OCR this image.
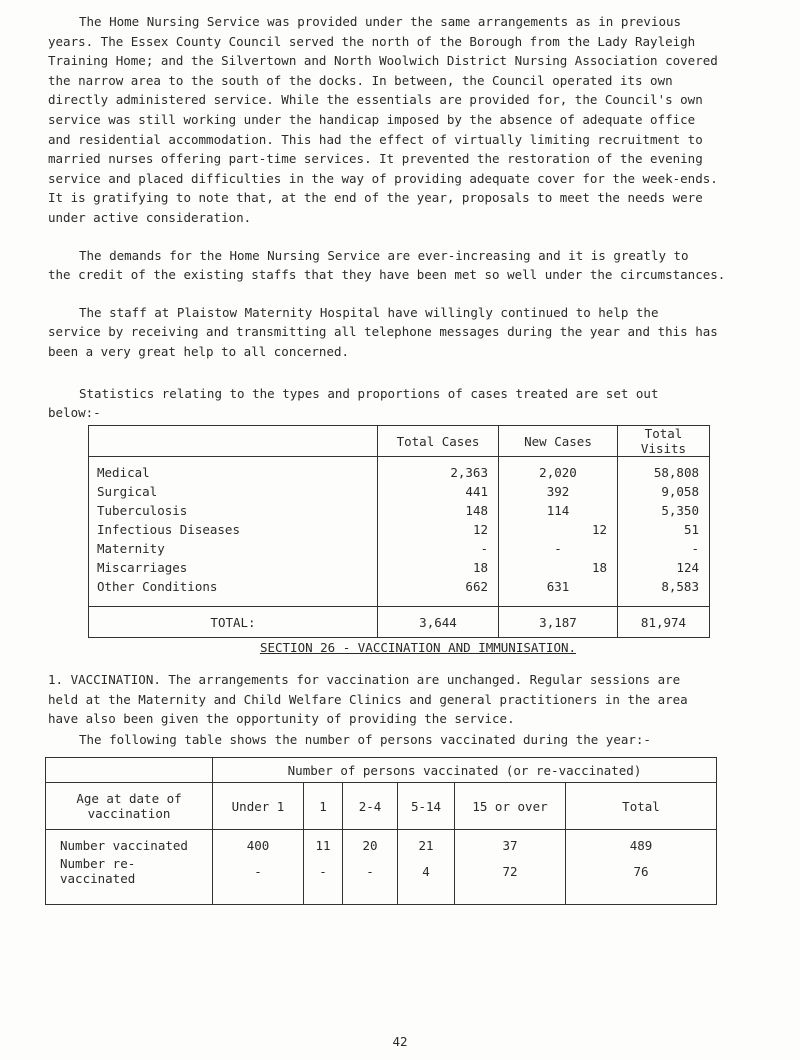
The Home Nursing Service was provided under the same arrangements as in previous
years. The Essex County Council served the north of the Borough from the Lady Rayleigh
Training Home; and the Silvertown and North Woolwich District Nursing Association covered
the narrow area to the south of the docks. In between, the Council operated its own
directly administered service. While the essentials are provided for, the Council's own
service was still working under the handicap imposed by the absence of adequate office
and residential accommodation. This had the effect of virtually limiting recruitment to
married nurses offering part-time services. It prevented the restoration of the evening
service and placed difficulties in the way of providing adequate cover for the week-ends.
It is gratifying to note that, at the end of the year, proposals to meet the needs were
under active consideration.

The demands for the Home Nursing Service are ever-increasing and it is greatly to
the credit of the existing staffs that they have been met so well under the circumstances.

The staff at Plaistow Maternity Hospital have willingly continued to help the
service by receiving and transmitting all telephone messages during the year and this has
been a very great help to all concerned.

Statistics relating to the types and proportions of cases treated are set out
below:-

	Total Cases	New Cases	Total Visits
Medical	2,363	2,020	58,808
Surgical	441	392	9,058
Tuberculosis	148	114	5,350
Infectious Diseases	12	12	51
Maternity	-	-	-
Miscarriages	18	18	124
Other Conditions	662	631	8,583
TOTAL:	3,644	3,187	81,974
SECTION 26 - VACCINATION AND IMMUNISATION.

1. VACCINATION. The arrangements for vaccination are unchanged. Regular sessions are
held at the Maternity and Child Welfare Clinics and general practitioners in the area
have also been given the opportunity of providing the service.

The following table shows the number of persons vaccinated during the year:-

	Number of persons vaccinated (or re-vaccinated)					
Age at date of vaccination	Under 1	1	2-4	5-14	15 or over	Total
Number vaccinated	400	11	20	21	37	489
Number re-vaccinated	-	-	-	4	72	76
42
